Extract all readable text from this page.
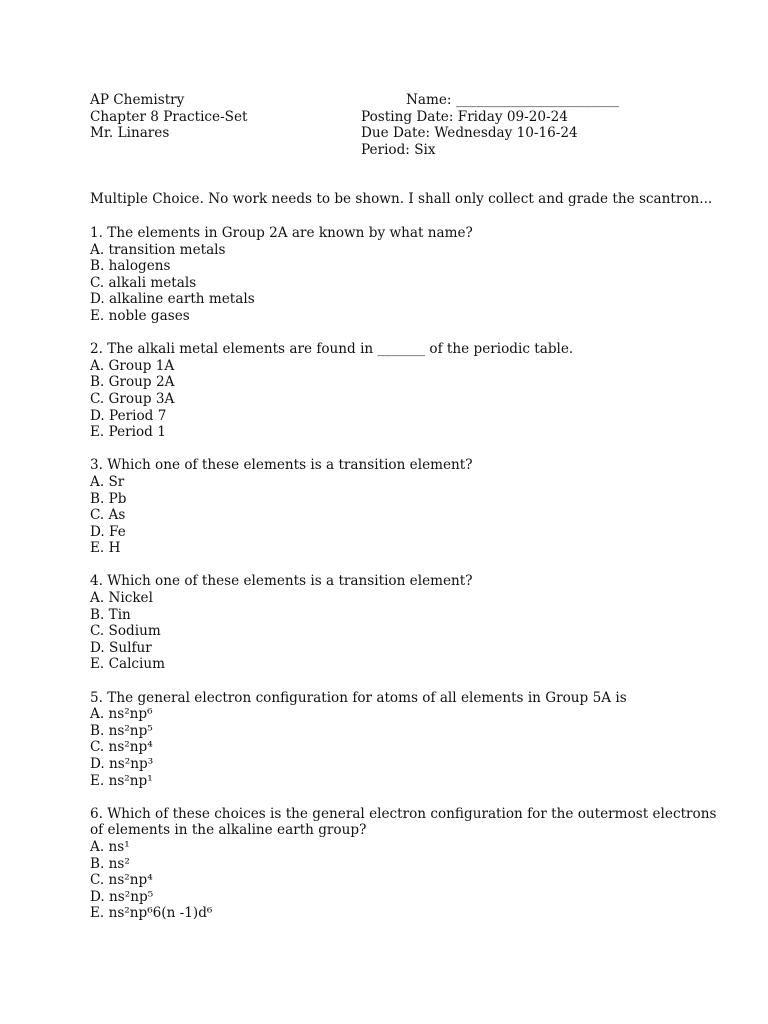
AP Chemistry
Chapter 8 Practice-Set
Mr. Linares
Name: ________________________
Posting Date: Friday 09-20-24
Due Date: Wednesday 10-16-24
Period: Six
Multiple Choice. No work needs to be shown. I shall only collect and grade the scantron...
1. The elements in Group 2A are known by what name?
A. transition metals
B. halogens
C. alkali metals
D. alkaline earth metals
E. noble gases
2. The alkali metal elements are found in _______ of the periodic table.
A. Group 1A
B. Group 2A
C. Group 3A
D. Period 7
E. Period 1
3. Which one of these elements is a transition element?
A. Sr
B. Pb
C. As
D. Fe
E. H
4. Which one of these elements is a transition element?
A. Nickel
B. Tin
C. Sodium
D. Sulfur
E. Calcium
5. The general electron configuration for atoms of all elements in Group 5A is
A. ns²np⁶
B. ns²np⁵
C. ns²np⁴
D. ns²np³
E. ns²np¹
6. Which of these choices is the general electron configuration for the outermost electrons of elements in the alkaline earth group?
A. ns¹
B. ns²
C. ns²np⁴
D. ns²np⁵
E. ns²np⁶6(n -1)d⁶
